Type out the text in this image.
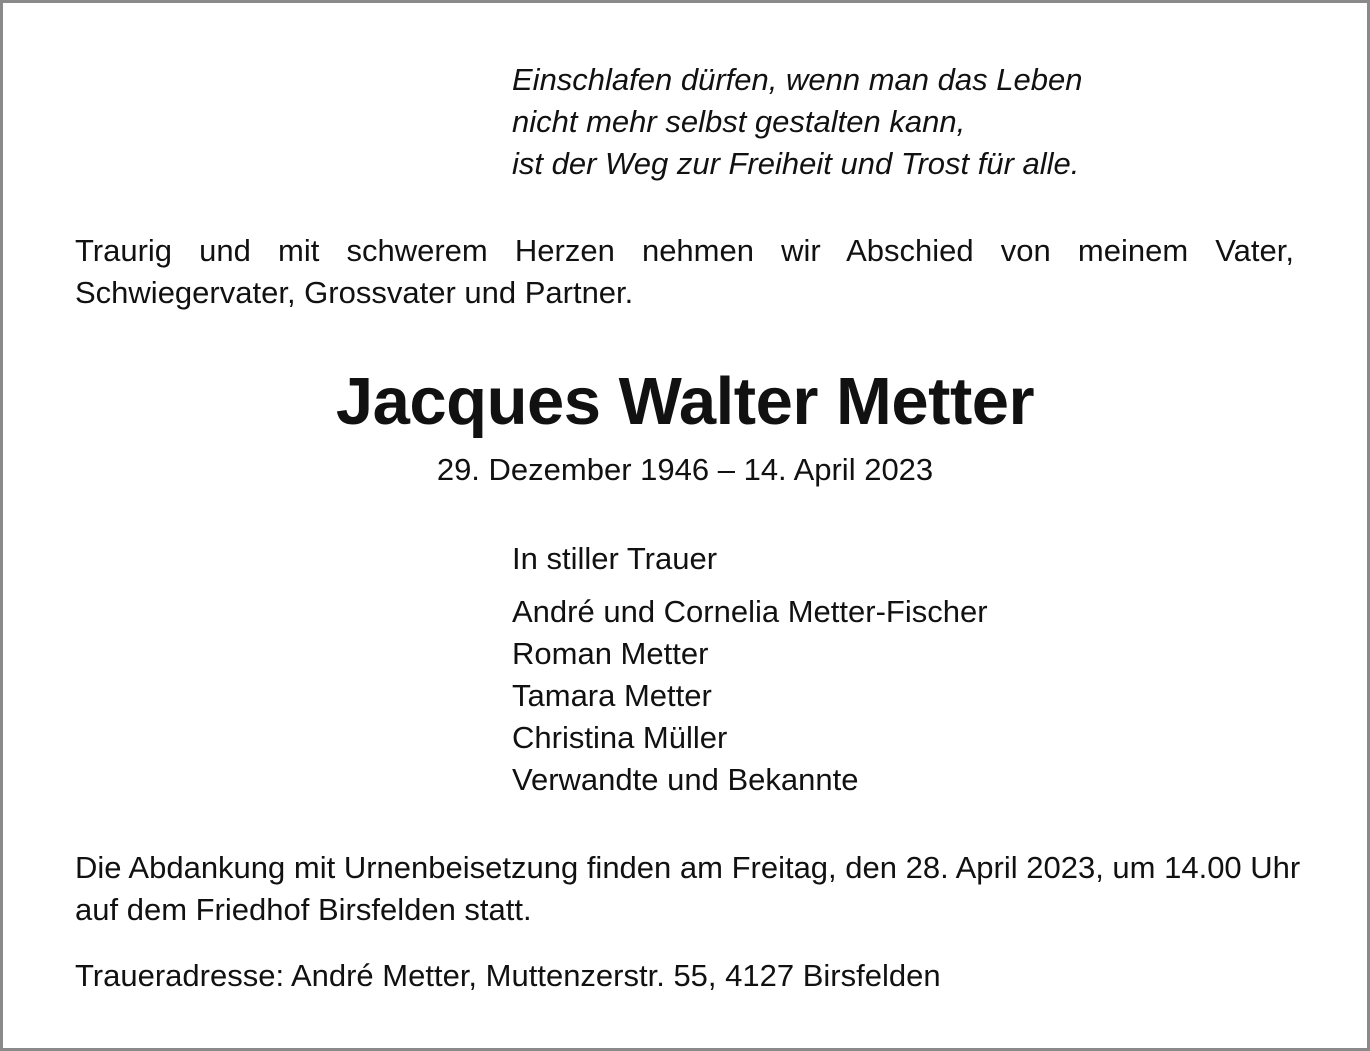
Einschlafen dürfen, wenn man das Leben
nicht mehr selbst gestalten kann,
ist der Weg zur Freiheit und Trost für alle.

Traurig und mit schwerem Herzen nehmen wir Abschied von meinem Vater, Schwiegervater, Grossvater und Partner.

Jacques Walter Metter
29. Dezember 1946 – 14. April 2023
In stiller Trauer
André und Cornelia Metter-Fischer
Roman Metter
Tamara Metter
Christina Müller
Verwandte und Bekannte

Die Abdankung mit Urnenbeisetzung finden am Freitag, den 28. April 2023, um 14.00 Uhr auf dem Friedhof Birsfelden statt.

Traueradresse: André Metter, Muttenzerstr. 55, 4127 Birsfelden
